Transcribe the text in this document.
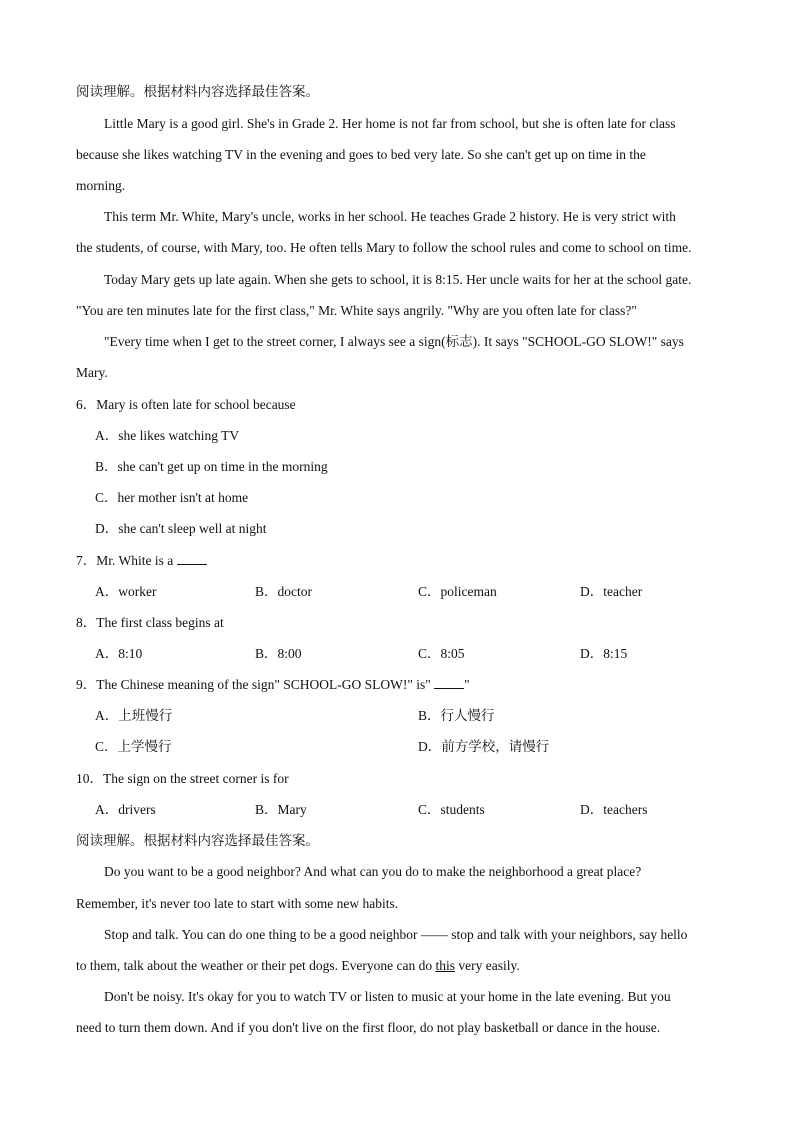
阅读理解。根据材料内容选择最佳答案。
Little Mary is a good girl. She's in Grade 2. Her home is not far from school, but she is often late for class
because she likes watching TV in the evening and goes to bed very late. So she can't get up on time in the
morning.
This term Mr. White, Mary's uncle, works in her school. He teaches Grade 2 history. He is very strict with
the students, of course, with Mary, too. He often tells Mary to follow the school rules and come to school on time.
Today Mary gets up late again. When she gets to school, it is 8:15. Her uncle waits for her at the school gate.
"You are ten minutes late for the first class," Mr. White says angrily. "Why are you often late for class?"
"Every time when I get to the street corner, I always see a sign(标志). It says "SCHOOL-GO SLOW!" says
Mary.
6．Mary is often late for school because
A．she likes watching TV
B．she can't get up on time in the morning
C．her mother isn't at home
D．she can't sleep well at night
7．Mr. White is a
A．worker	B．doctor	C．policeman	D．teacher
8．The first class begins at
A．8:10	B．8:00	C．8:05	D．8:15
9．The Chinese meaning of the sign" SCHOOL-GO SLOW!" is" "
A．上班慢行	B．行人慢行
C．上学慢行	D．前方学校，请慢行
10．The sign on the street corner is for
A．drivers	B．Mary	C．students	D．teachers
阅读理解。根据材料内容选择最佳答案。
Do you want to be a good neighbor? And what can you do to make the neighborhood a great place?
Remember, it's never too late to start with some new habits.
Stop and talk. You can do one thing to be a good neighbor —— stop and talk with your neighbors, say hello
to them, talk about the weather or their pet dogs. Everyone can do this very easily.
Don't be noisy. It's okay for you to watch TV or listen to music at your home in the late evening. But you
need to turn them down. And if you don't live on the first floor, do not play basketball or dance in the house.
